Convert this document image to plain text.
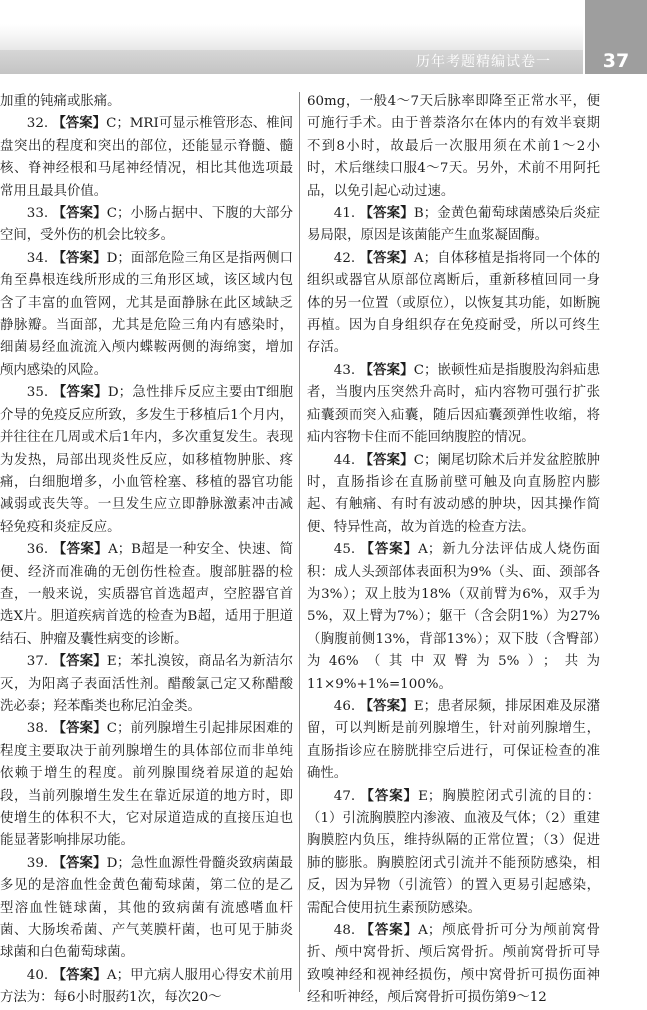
历年考题精编试卷一	37

加重的钝痛或胀痛。

32. 【答案】C；MRI可显示椎管形态、椎间盘突出的程度和突出的部位，还能显示脊髓、髓核、脊神经根和马尾神经情况，相比其他选项最常用且最具价值。

33. 【答案】C；小肠占据中、下腹的大部分空间，受外伤的机会比较多。

34. 【答案】D；面部危险三角区是指两侧口角至鼻根连线所形成的三角形区域，该区域内包含了丰富的血管网，尤其是面静脉在此区域缺乏静脉瓣。当面部，尤其是危险三角内有感染时，细菌易经血流流入颅内蝶鞍两侧的海绵窦，增加颅内感染的风险。

35. 【答案】D；急性排斥反应主要由T细胞介导的免疫反应所致，多发生于移植后1个月内，并往往在几周或术后1年内，多次重复发生。表现为发热，局部出现炎性反应，如移植物肿胀、疼痛，白细胞增多，小血管栓塞、移植的器官功能减弱或丧失等。一旦发生应立即静脉激素冲击减轻免疫和炎症反应。

36. 【答案】A；B超是一种安全、快速、简便、经济而准确的无创伤性检查。腹部脏器的检查，一般来说，实质器官首选超声，空腔器官首选X片。胆道疾病首选的检查为B超，适用于胆道结石、肿瘤及囊性病变的诊断。

37. 【答案】E；苯扎溴铵，商品名为新洁尔灭，为阳离子表面活性剂。醋酸氯己定又称醋酸洗必泰；羟苯酯类也称尼泊金类。

38. 【答案】C；前列腺增生引起排尿困难的程度主要取决于前列腺增生的具体部位而非单纯依赖于增生的程度。前列腺围绕着尿道的起始段，当前列腺增生发生在靠近尿道的地方时，即使增生的体积不大，它对尿道造成的直接压迫也能显著影响排尿功能。

39. 【答案】D；急性血源性骨髓炎致病菌最多见的是溶血性金黄色葡萄球菌，第二位的是乙型溶血性链球菌，其他的致病菌有流感嗜血杆菌、大肠埃希菌、产气荚膜杆菌，也可见于肺炎球菌和白色葡萄球菌。

40. 【答案】A；甲亢病人服用心得安术前用方法为：每6小时服药1次，每次20～

60mg，一般4～7天后脉率即降至正常水平，便可施行手术。由于普萘洛尔在体内的有效半衰期不到8小时，故最后一次服用须在术前1～2小时，术后继续口服4～7天。另外，术前不用阿托品，以免引起心动过速。

41. 【答案】B；金黄色葡萄球菌感染后炎症易局限，原因是该菌能产生血浆凝固酶。

42. 【答案】A；自体移植是指将同一个体的组织或器官从原部位离断后，重新移植回同一身体的另一位置（或原位），以恢复其功能，如断腕再植。因为自身组织存在免疫耐受，所以可终生存活。

43. 【答案】C；嵌顿性疝是指腹股沟斜疝患者，当腹内压突然升高时，疝内容物可强行扩张疝囊颈而突入疝囊，随后因疝囊颈弹性收缩，将疝内容物卡住而不能回纳腹腔的情况。

44. 【答案】C；阑尾切除术后并发盆腔脓肿时，直肠指诊在直肠前壁可触及向直肠腔内膨起、有触痛、有时有波动感的肿块，因其操作简便、特异性高，故为首选的检查方法。

45. 【答案】A；新九分法评估成人烧伤面积：成人头颈部体表面积为9%（头、面、颈部各为3%）；双上肢为18%（双前臂为6%，双手为5%，双上臂为7%）；躯干（含会阴1%）为27%（胸腹前侧13%，背部13%）；双下肢（含臀部）为46%（其中双臀为5%）；共为11×9%+1%=100%。

46. 【答案】E；患者尿频，排尿困难及尿潴留，可以判断是前列腺增生，针对前列腺增生，直肠指诊应在膀胱排空后进行，可保证检查的准确性。

47. 【答案】E；胸膜腔闭式引流的目的：（1）引流胸膜腔内渗液、血液及气体；（2）重建胸膜腔内负压，维持纵隔的正常位置；（3）促进肺的膨胀。胸膜腔闭式引流并不能预防感染，相反，因为异物（引流管）的置入更易引起感染，需配合使用抗生素预防感染。

48. 【答案】A；颅底骨折可分为颅前窝骨折、颅中窝骨折、颅后窝骨折。颅前窝骨折可导致嗅神经和视神经损伤，颅中窝骨折可损伤面神经和听神经，颅后窝骨折可损伤第9～12
